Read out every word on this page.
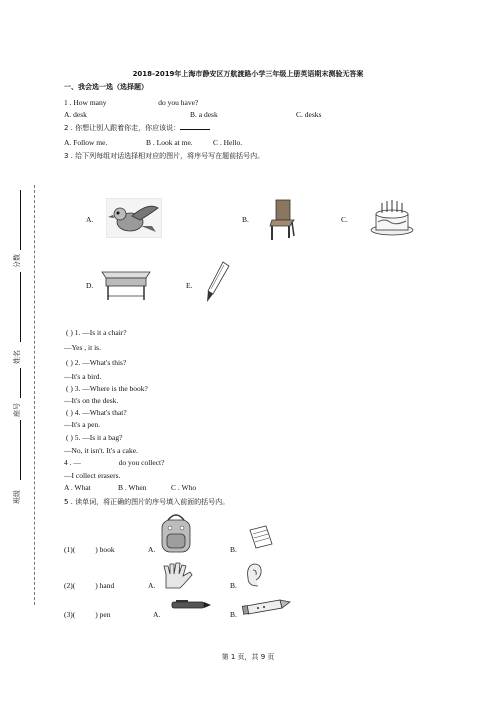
分数
姓名
座号
班级
2018-2019年上海市静安区万航渡路小学三年级上册英语期末测验无答案
一、我会选一选（选择题）
1 . How many	do you have?
A. desk	B. a desk	C. desks
2 . 你想让别人跟着你走，你应该说：
A. Follow me.	B . Look at me.	C . Hello.
3 . 给下列每组对话选择相对应的图片，将序号写在题前括号内。
A.	B.	C.
D.	E.
( ) 1. —Is it a chair?
—Yes , it is.
( ) 2. —What's this?
—It's a bird.
( ) 3. —Where is the book?
—It's on the desk.
( ) 4. —What's that?
—It's a pen.
( ) 5. —Is it a bag?
—No, it isn't. It's a cake.
4 . —	do you collect?
—I collect erasers.
A . What	B . When	C . Who
5 . 读单词，将正确的图片的序号填入前面的括号内。
(1)(	) book	A.	B.
(2)(	) hand	A.	B.
(3)(	) pen	A.	B.
第 1 页，共 9 页
